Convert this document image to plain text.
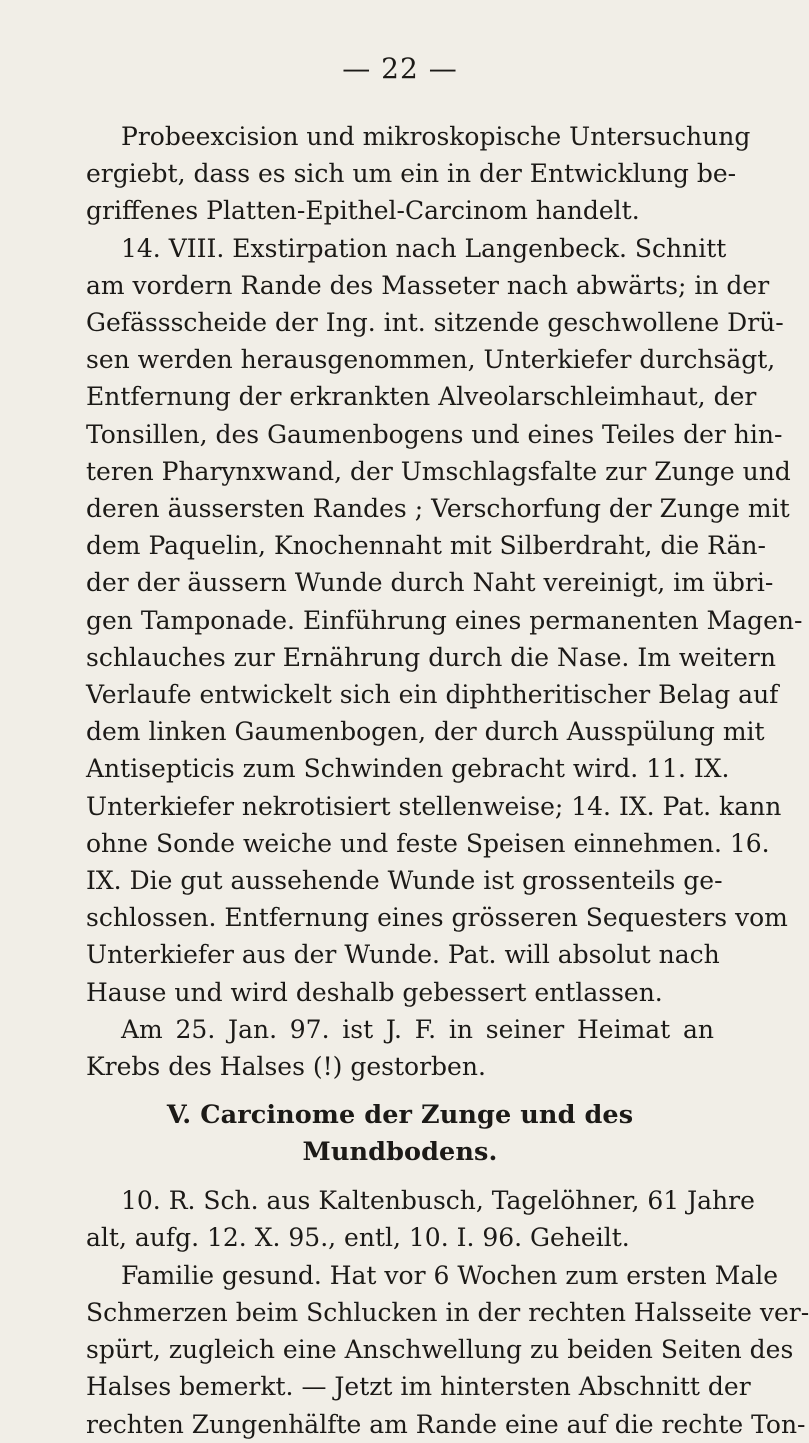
— 22 —
Probeexcision und mikroskopische Untersuchung
ergiebt, dass es sich um ein in der Entwicklung be-
griffenes Platten-Epithel-Carcinom handelt.
14. VIII. Exstirpation nach Langenbeck. Schnitt
am vordern Rande des Masseter nach abwärts; in der
Gefässscheide der Ing. int. sitzende geschwollene Drü-
sen werden herausgenommen, Unterkiefer durchsägt,
Entfernung der erkrankten Alveolarschleimhaut, der
Tonsillen, des Gaumenbogens und eines Teiles der hin-
teren Pharynxwand, der Umschlagsfalte zur Zunge und
deren äussersten Randes ; Verschorfung der Zunge mit
dem Paquelin, Knochennaht mit Silberdraht, die Rän-
der der äussern Wunde durch Naht vereinigt, im übri-
gen Tamponade. Einführung eines permanenten Magen-
schlauches zur Ernährung durch die Nase. Im weitern
Verlaufe entwickelt sich ein diphtheritischer Belag auf
dem linken Gaumenbogen, der durch Ausspülung mit
Antisepticis zum Schwinden gebracht wird. 11. IX.
Unterkiefer nekrotisiert stellenweise; 14. IX. Pat. kann
ohne Sonde weiche und feste Speisen einnehmen. 16.
IX. Die gut aussehende Wunde ist grossenteils ge-
schlossen. Entfernung eines grösseren Sequesters vom
Unterkiefer aus der Wunde. Pat. will absolut nach
Hause und wird deshalb gebessert entlassen.
Am 25. Jan. 97. ist J. F. in seiner Heimat an
Krebs des Halses (!) gestorben.
V. Carcinome der Zunge und des Mundbodens.
10. R. Sch. aus Kaltenbusch, Tagelöhner, 61 Jahre
alt, aufg. 12. X. 95., entl, 10. I. 96. Geheilt.
Familie gesund. Hat vor 6 Wochen zum ersten Male
Schmerzen beim Schlucken in der rechten Halsseite ver-
spürt, zugleich eine Anschwellung zu beiden Seiten des
Halses bemerkt. — Jetzt im hintersten Abschnitt der
rechten Zungenhälfte am Rande eine auf die rechte Ton-
